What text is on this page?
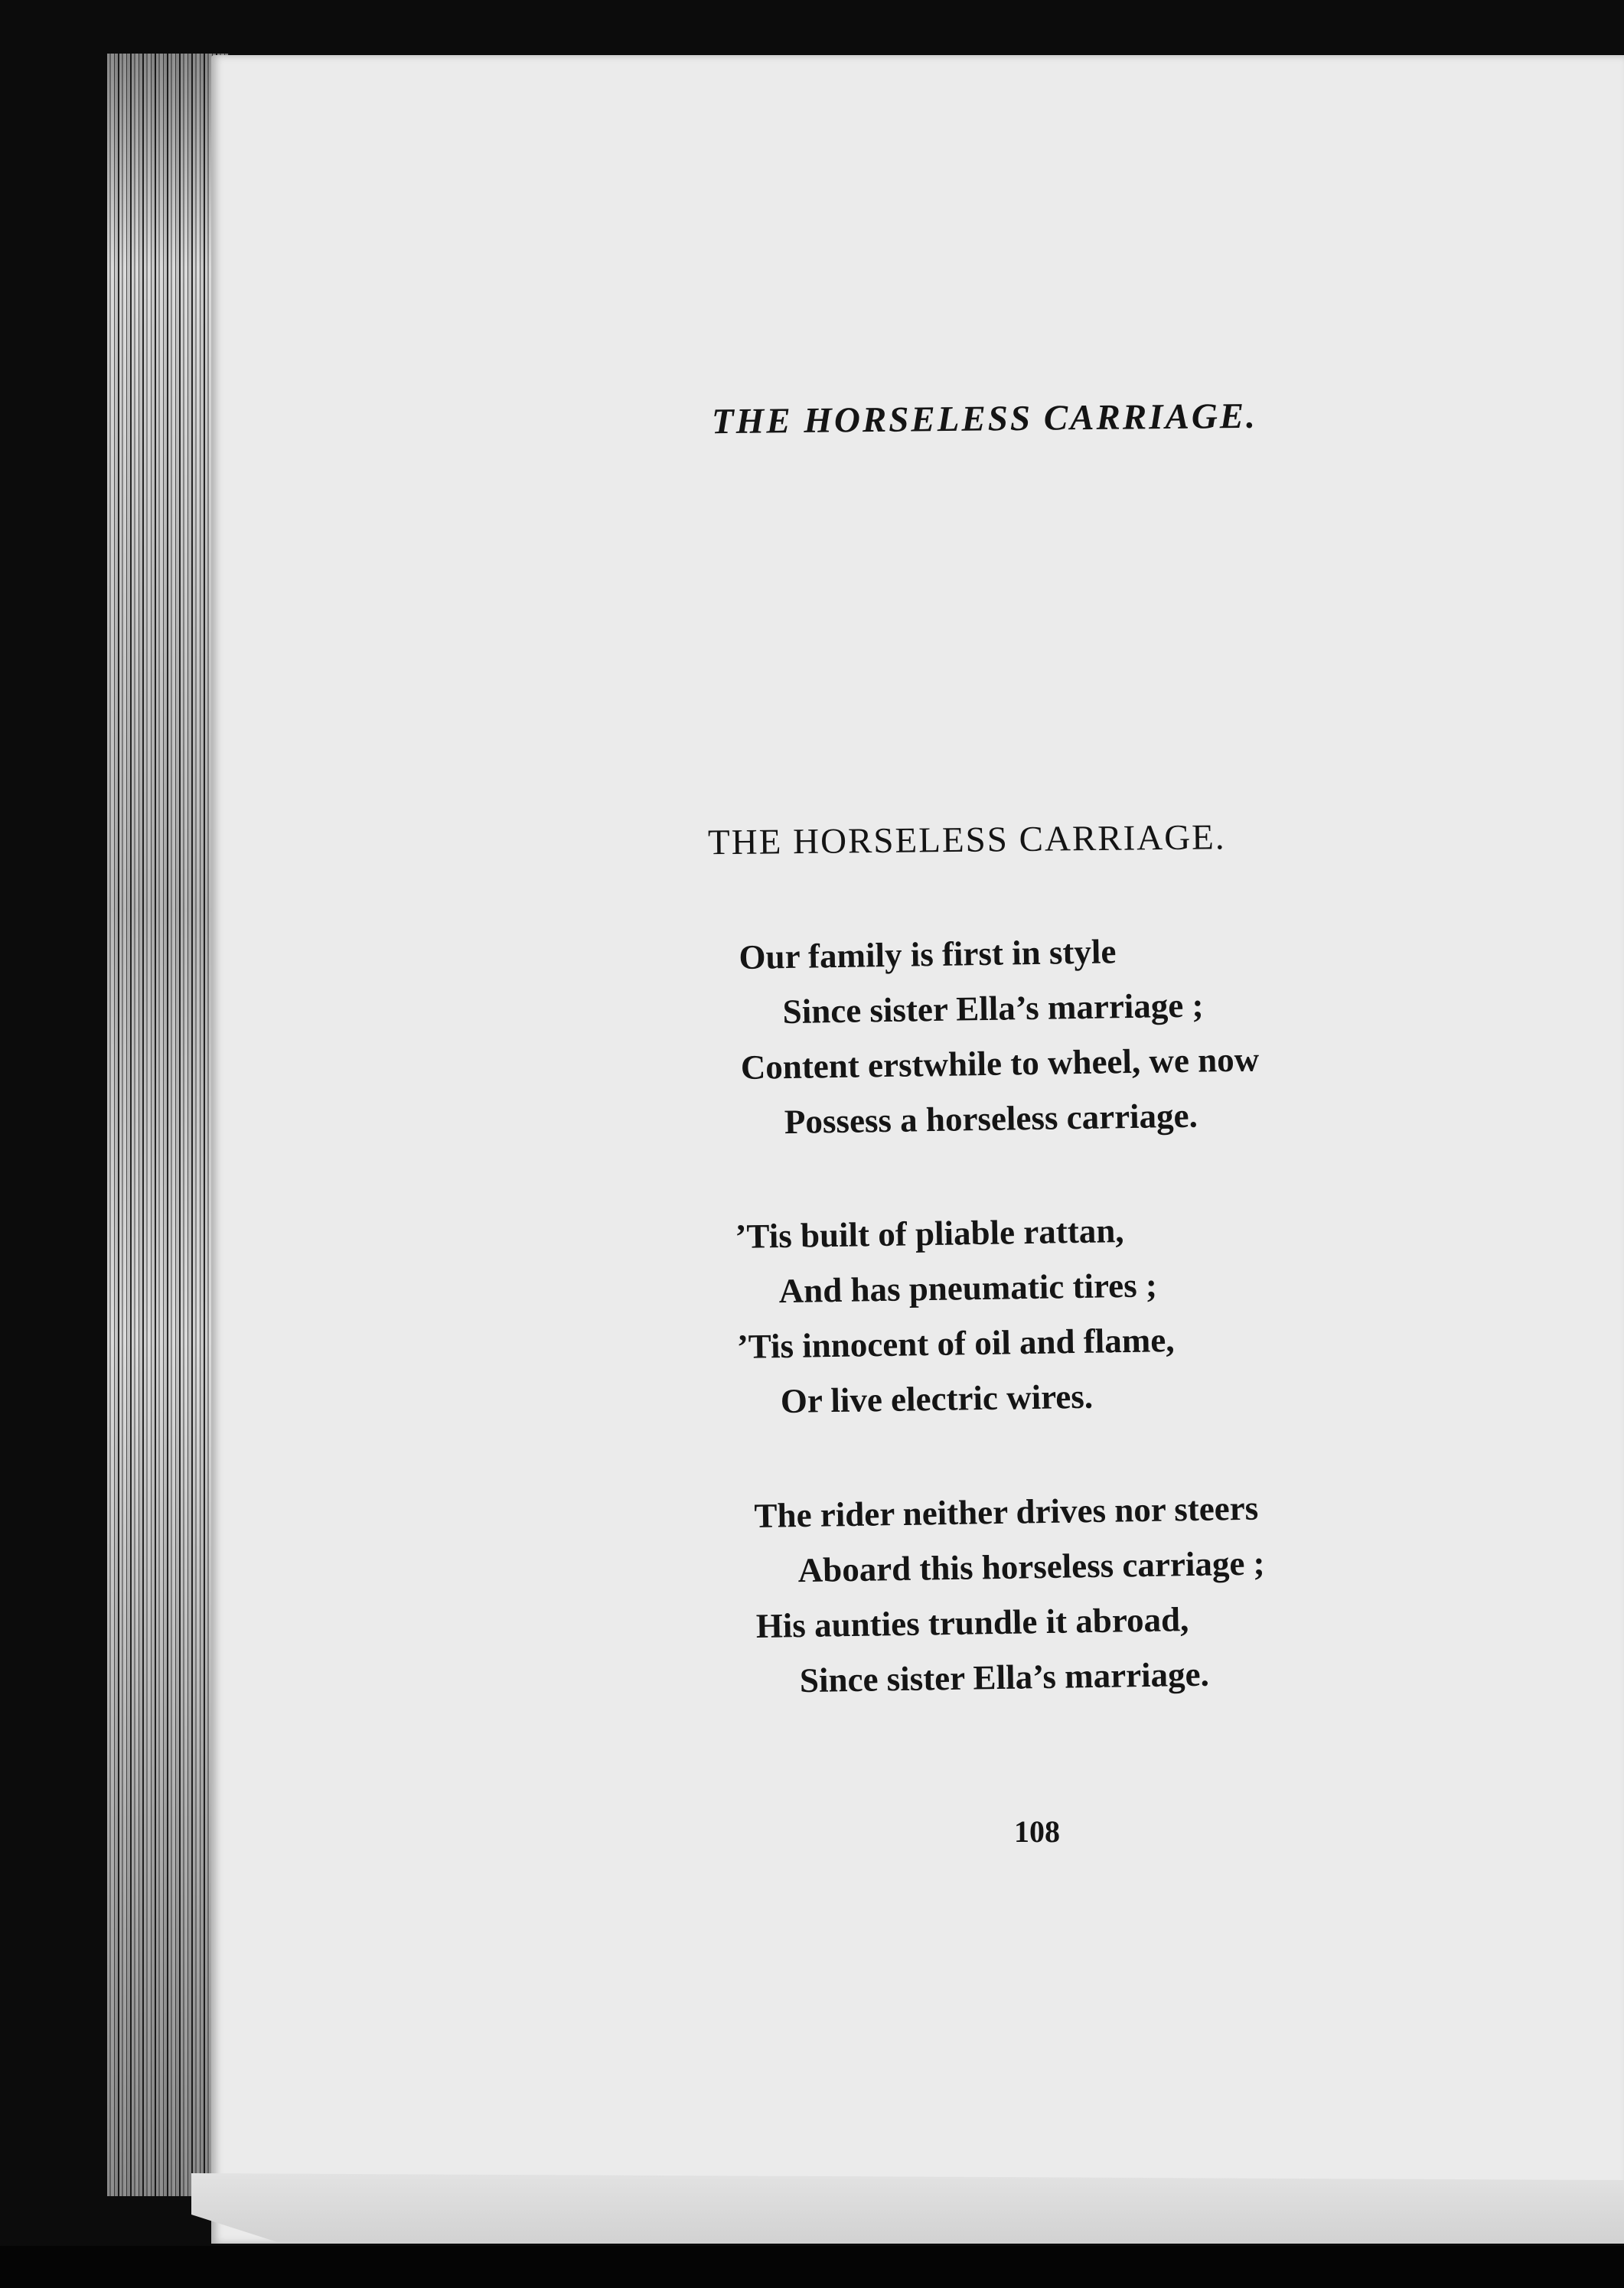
THE HORSELESS CARRIAGE.
THE HORSELESS CARRIAGE.
Our family is first in style
Since sister Ella’s marriage ;
Content erstwhile to wheel, we now
Possess a horseless carriage.
’Tis built of pliable rattan,
And has pneumatic tires ;
’Tis innocent of oil and flame,
Or live electric wires.
The rider neither drives nor steers
Aboard this horseless carriage ;
His aunties trundle it abroad,
Since sister Ella’s marriage.
108
